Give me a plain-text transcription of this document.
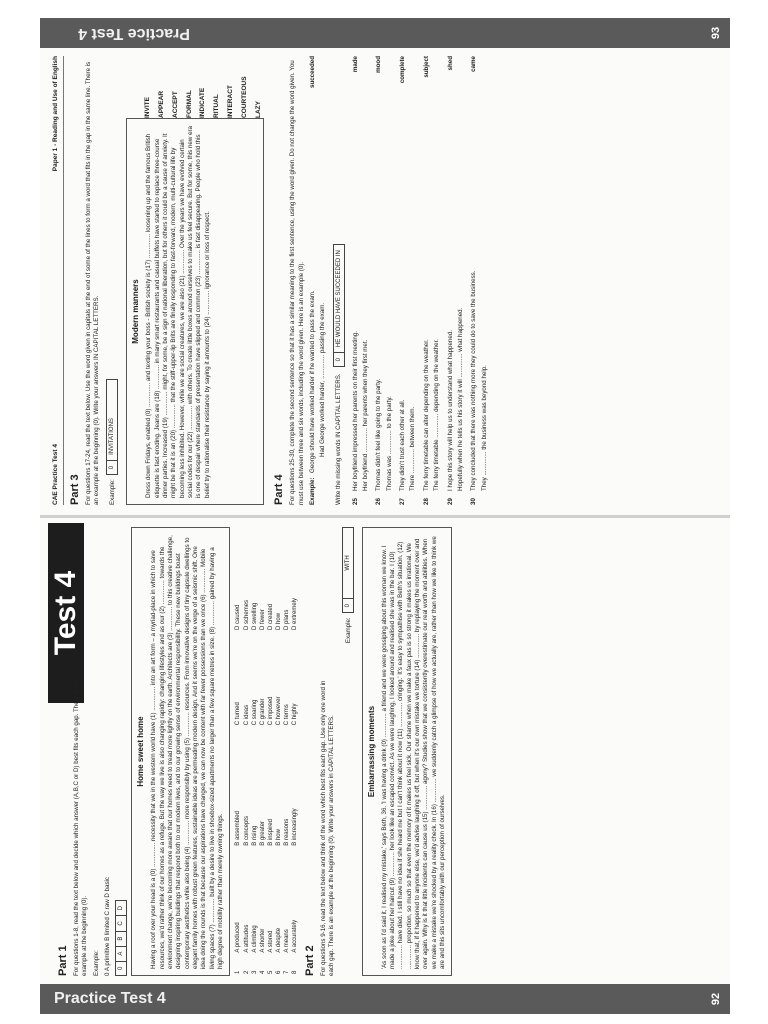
Practice Test 4	92
Test 4
Part 1 For questions 1-8, read the text below and decide which answer (A,B,C or D) best fits each gap. There is an example at the beginning (0). Example: 0 A primitive B limited C raw D basic 0	A	B	C	D
Home sweet home Having a roof over your head is a (0) .............. necessity that we in the western world have (1) .............. into an art form – a myriad-place in which to save resources, we'd rather think of our homes as a refuge. But the way we live is also changing rapidly: changing lifestyles and as our (2) .............. towards the environment change, we're becoming more aware that our homes need to tread more lightly on the earth. Architects are (3) .............. to this creative challenge, designing inspiring buildings that respond both to our modern lives, and to our growing sense of environmental responsibility. These new buildings boast contemporary aesthetics while also being (4) .............. more responsibly by using (5) .............. resources. From innovative designs of tiny capsule dwellings to elegant family homes with robust green features, sustainable ideas are permeating modern design. And it seems we're on the verge of a seismic shift. One idea doing the rounds is that because our aspirations have changed, we can now be content with far fewer possessions than we once (6) .............. Mobile living spaces (7) .............. built by a desire to live in shoebox-sized apartments no larger than a few square metres in size. (8) .............. gained by having a high degree of mobility rather than merely owning things.
1	A produced	B assembled	C turned	D caused
2	A attitudes	B concepts	C ideas	D schemes
3	A climbing	B rising	C soaring	D swelling
4	A shorter	B greater	C grander	D fewer
5	A stored	B inspired	C imposed	D created
6	A despite	B how	C however	D how
7	A means	B reasons	C terms	D plans
8	A accurately	B increasingly	C highly	D extremely
Part 2 For questions 9-16, read the text below and think of the word which best fits each gap. Use only one word in each gap. There is an example at the beginning (0). Write your answers in CAPITAL LETTERS.
Example:
0	WITH
Embarrassing moments 'As soon as I'd said it, I realised my mistake,' says Beth, 36. 'I was having a drink (0) .............. a friend and we were gossiping about this woman we know. I made a joke about her haircut (9) .............. her look like an escaped convict. As we were laughing, I looked around and realised she was in the bar. I (10) .............. have died. I still have no idea if she heard me but I can't think about it now (11) .............. cringing.' It's easy to sympathise with Beth's situation. (12) .............. proportion, so much so that even the memory of it makes us feel sick. Our shame when we make a faux pas is so strong it makes us irrational. We know that, if it happened to anyone else, we'd advise laughing it off, but when it's our own mistake we torture (14) .............. by replaying the moment over and over again. Why is it that little incidents can cause us (15) .............. agony? Studies show that we consistently overestimate our real worth and abilities. When we make a mistake we're shocked by a reality check. In (16) .............. we suddenly catch a glimpse of how we actually are, rather than how we like to think we are and this sits uncomfortably with our perception of ourselves.
Practice Test 4	93
CAE Practice Test 4
Paper 1 - Reading and Use of English
Part 3 For questions 17-24, read the text below. Use the word given in capitals at the end of some of the lines to form a word that fits in the gap in the same line. There is an example at the beginning (0). Write your answers IN CAPITAL LETTERS. Example:
0	INVITATIONS
Modern manners Dress down Fridays, enabled (0) .............. and texting your boss - British society is (17) .............. loosening up and the famous British etiquette is fast eroding. Jeans are (18) .............. in many smart restaurants and casual buffets have started to replace three-course dinner parties. Increased (19) .............. might, for some, be a sign of national liberation, but for others it could be a cause of anxiety. It might be that it is an (20) .............. that the stiff-upper-lip Brits are finally responding to fast-forward, modern, multi-cultural life by becoming less inhibited. However, while we are social creatures, we are also (21) .............. Over the years we have evolved certain social codes for our (22) .............. with others. To create little boxes around ourselves to make us feel secure. But for some, this new era is one of despair where standards of presentation have slipped and common (23) .............. is fast disappearing. People who hold this belief try to rationalise their resistance by saying it amounts to (24) .............. ignorance or loss of respect.
INVITE APPEAR ACCEPT FORMAL INDICATE RITUAL INTERACT COURTEOUS LAZY
Part 4 For questions 25-30, complete the second sentence so that it has a similar meaning to the first sentence, using the word given. Do not change the word given. You must use between three and six words, including the word given. Here is an example (0). Example:
George should have worked harder if he wanted to pass the exam.
succeeded
Had George worked harder, .............. passing the exam. Write the missing words IN CAPITAL LETTERS.
0	HE WOULD HAVE SUCCEEDED IN
25
Her boyfriend impressed her parents on their first meeting.
made
Her boyfriend .............. her parents when they first met.
26
Thomas didn't feel like going to the party.
mood
Thomas was .............. to the party.
27
They didn't trust each other at all.
complete
There .............. between them.
28
The ferry timetable can alter depending on the weather.
subject
The ferry timetable .............. depending on the weather.
29
I hope this story will help us to understand what happened.
shed
Hopefully when he tells us his story it will .............. what happened.
30
They concluded that there was nothing more they could do to save the business.
came
They .............. the business was beyond help.
